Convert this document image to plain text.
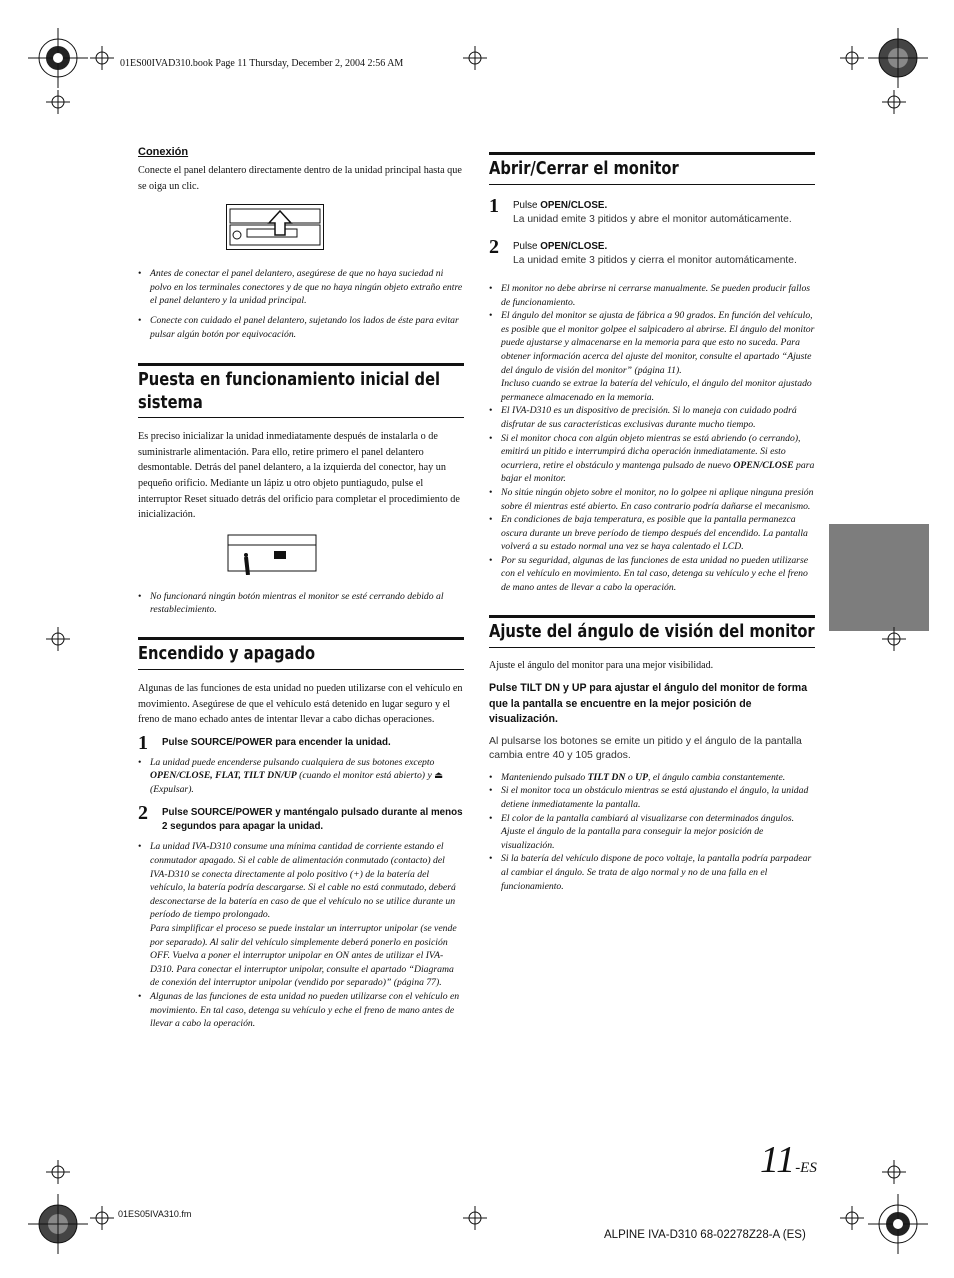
01ES00IVAD310.book Page 11 Thursday, December 2, 2004 2:56 AM
11-ES
01ES05IVA310.fm
ALPINE IVA-D310 68-02278Z28-A (ES)
Conexión

Conecte el panel delantero directamente dentro de la unidad principal hasta que se oiga un clic.

• Antes de conectar el panel delantero, asegúrese de que no haya suciedad ni polvo en los terminales conectores y de que no haya ningún objeto extraño entre el panel delantero y la unidad principal.
• Conecte con cuidado el panel delantero, sujetando los lados de éste para evitar pulsar algún botón por equivocación.
Puesta en funcionamiento inicial del
sistema

Es preciso inicializar la unidad inmediatamente después de instalarla o de suministrarle alimentación. Para ello, retire primero el panel delantero desmontable. Detrás del panel delantero, a la izquierda del conector, hay un pequeño orificio. Mediante un lápiz u otro objeto puntiagudo, pulse el interruptor Reset situado detrás del orificio para completar el procedimiento de inicialización.

• No funcionará ningún botón mientras el monitor se esté cerrando debido al restablecimiento.
Encendido y apagado

Algunas de las funciones de esta unidad no pueden utilizarse con el vehículo en movimiento. Asegúrese de que el vehículo está detenido en lugar seguro y el freno de mano echado antes de intentar llevar a cabo dichas operaciones.

1 Pulse SOURCE/POWER para encender la unidad.
• La unidad puede encenderse pulsando cualquiera de sus botones excepto OPEN/CLOSE, FLAT, TILT DN/UP (cuando el monitor está abierto) y ⏏ (Expulsar).
2 Pulse SOURCE/POWER y manténgalo pulsado durante al menos 2 segundos para apagar la unidad.
• La unidad IVA-D310 consume una mínima cantidad de corriente estando el conmutador apagado. Si el cable de alimentación conmutado (contacto) del IVA-D310 se conecta directamente al polo positivo (+) de la batería del vehículo, la batería podría descargarse. Si el cable no está conmutado, deberá desconectarse de la batería en caso de que el vehículo no se utilice durante un período de tiempo prolongado.
Para simplificar el proceso se puede instalar un interruptor unipolar (se vende por separado). Al salir del vehículo simplemente deberá ponerlo en posición OFF. Vuelva a poner el interruptor unipolar en ON antes de utilizar el IVA-D310. Para conectar el interruptor unipolar, consulte el apartado “Diagrama de conexión del interruptor unipolar (vendido por separado)” (página 77).
• Algunas de las funciones de esta unidad no pueden utilizarse con el vehículo en movimiento. En tal caso, detenga su vehículo y eche el freno de mano antes de llevar a cabo la operación.
Abrir/Cerrar el monitor
1 Pulse OPEN/CLOSE.
La unidad emite 3 pitidos y abre el monitor automáticamente.
2 Pulse OPEN/CLOSE.
La unidad emite 3 pitidos y cierra el monitor automáticamente.
• El monitor no debe abrirse ni cerrarse manualmente. Se pueden producir fallos de funcionamiento.
• El ángulo del monitor se ajusta de fábrica a 90 grados. En función del vehículo, es posible que el monitor golpee el salpicadero al abrirse. El ángulo del monitor puede ajustarse y almacenarse en la memoria para que esto no suceda. Para obtener información acerca del ajuste del monitor, consulte el apartado “Ajuste del ángulo de visión del monitor” (página 11).
Incluso cuando se extrae la batería del vehículo, el ángulo del monitor ajustado permanece almacenado en la memoria.
• El IVA-D310 es un dispositivo de precisión. Si lo maneja con cuidado podrá disfrutar de sus características exclusivas durante mucho tiempo.
• Si el monitor choca con algún objeto mientras se está abriendo (o cerrando), emitirá un pitido e interrumpirá dicha operación inmediatamente. Si esto ocurriera, retire el obstáculo y mantenga pulsado de nuevo OPEN/CLOSE para bajar el monitor.
• No sitúe ningún objeto sobre el monitor, no lo golpee ni aplique ninguna presión sobre él mientras esté abierto. En caso contrario podría dañarse el mecanismo.
• En condiciones de baja temperatura, es posible que la pantalla permanezca oscura durante un breve período de tiempo después del encendido. La pantalla volverá a su estado normal una vez se haya calentado el LCD.
• Por su seguridad, algunas de las funciones de esta unidad no pueden utilizarse con el vehículo en movimiento. En tal caso, detenga su vehículo y eche el freno de mano antes de llevar a cabo la operación.
Ajuste del ángulo de visión del monitor

Ajuste el ángulo del monitor para una mejor visibilidad.

Pulse TILT DN y UP para ajustar el ángulo del monitor de forma que la pantalla se encuentre en la mejor posición de visualización.

Al pulsarse los botones se emite un pitido y el ángulo de la pantalla cambia entre 40 y 105 grados.

• Manteniendo pulsado TILT DN o UP, el ángulo cambia constantemente.
• Si el monitor toca un obstáculo mientras se está ajustando el ángulo, la unidad detiene inmediatamente la pantalla.
• El color de la pantalla cambiará al visualizarse con determinados ángulos. Ajuste el ángulo de la pantalla para conseguir la mejor posición de visualización.
• Si la batería del vehículo dispone de poco voltaje, la pantalla podría parpadear al cambiar el ángulo. Se trata de algo normal y no de una falla en el funcionamiento.
